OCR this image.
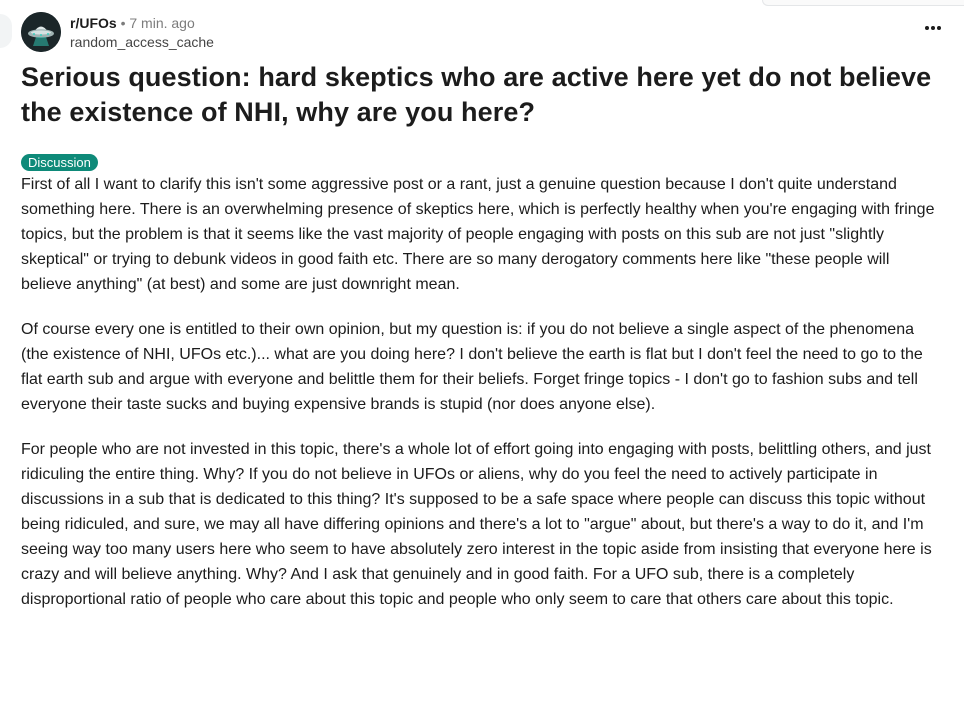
r/UFOs • 7 min. ago
random_access_cache
Serious question: hard skeptics who are active here yet do not believe the existence of NHI, why are you here?
Discussion

First of all I want to clarify this isn't some aggressive post or a rant, just a genuine question because I don't quite understand something here. There is an overwhelming presence of skeptics here, which is perfectly healthy when you're engaging with fringe topics, but the problem is that it seems like the vast majority of people engaging with posts on this sub are not just "slightly skeptical" or trying to debunk videos in good faith etc. There are so many derogatory comments here like "these people will believe anything" (at best) and some are just downright mean.

Of course every one is entitled to their own opinion, but my question is: if you do not believe a single aspect of the phenomena (the existence of NHI, UFOs etc.)... what are you doing here? I don't believe the earth is flat but I don't feel the need to go to the flat earth sub and argue with everyone and belittle them for their beliefs. Forget fringe topics - I don't go to fashion subs and tell everyone their taste sucks and buying expensive brands is stupid (nor does anyone else).

For people who are not invested in this topic, there's a whole lot of effort going into engaging with posts, belittling others, and just ridiculing the entire thing. Why? If you do not believe in UFOs or aliens, why do you feel the need to actively participate in discussions in a sub that is dedicated to this thing? It's supposed to be a safe space where people can discuss this topic without being ridiculed, and sure, we may all have differing opinions and there's a lot to "argue" about, but there's a way to do it, and I'm seeing way too many users here who seem to have absolutely zero interest in the topic aside from insisting that everyone here is crazy and will believe anything. Why? And I ask that genuinely and in good faith. For a UFO sub, there is a completely disproportional ratio of people who care about this topic and people who only seem to care that others care about this topic.
